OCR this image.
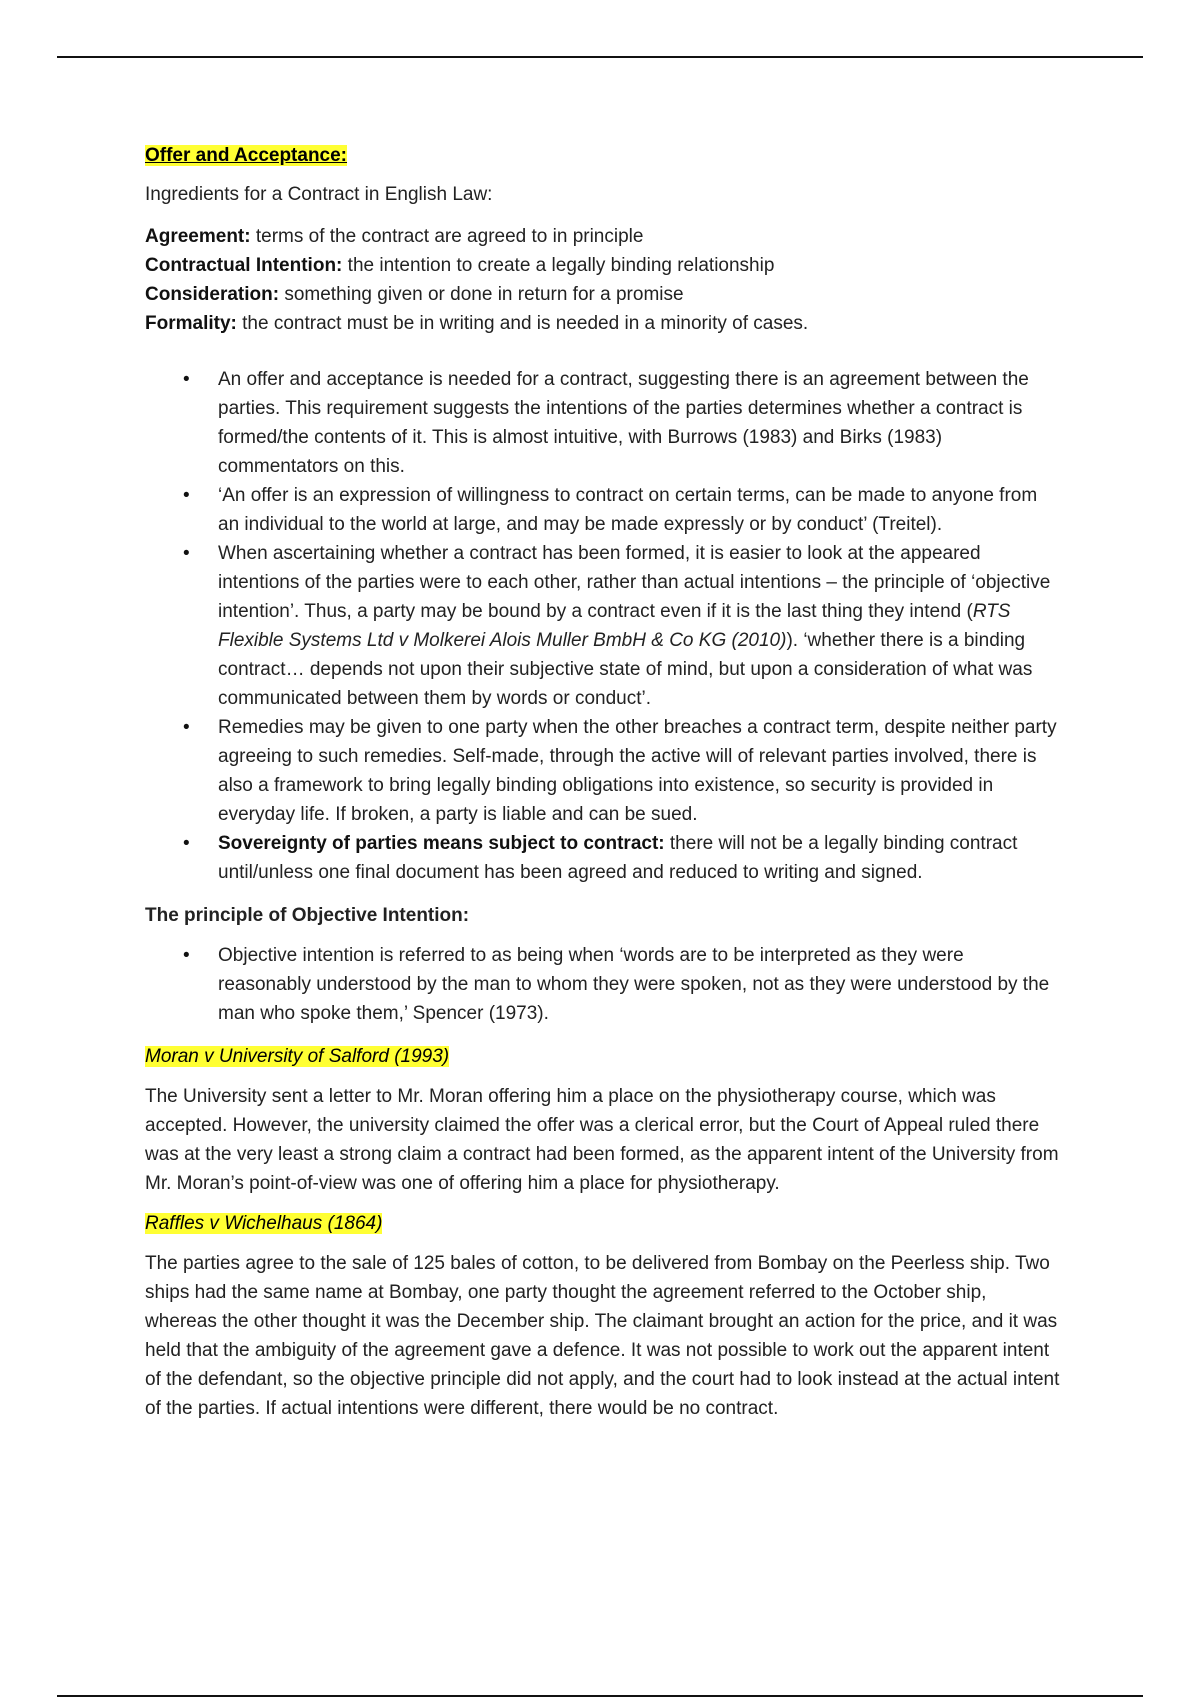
Offer and Acceptance:

Ingredients for a Contract in English Law:

Agreement: terms of the contract are agreed to in principle

Contractual Intention: the intention to create a legally binding relationship

Consideration: something given or done in return for a promise

Formality: the contract must be in writing and is needed in a minority of cases.

• An offer and acceptance is needed for a contract, suggesting there is an agreement between the parties. This requirement suggests the intentions of the parties determines whether a contract is formed/the contents of it. This is almost intuitive, with Burrows (1983) and Birks (1983) commentators on this.
• ‘An offer is an expression of willingness to contract on certain terms, can be made to anyone from an individual to the world at large, and may be made expressly or by conduct’ (Treitel).
• When ascertaining whether a contract has been formed, it is easier to look at the appeared intentions of the parties were to each other, rather than actual intentions – the principle of ‘objective intention’. Thus, a party may be bound by a contract even if it is the last thing they intend (RTS Flexible Systems Ltd v Molkerei Alois Muller BmbH & Co KG (2010)). ‘whether there is a binding contract… depends not upon their subjective state of mind, but upon a consideration of what was communicated between them by words or conduct’.
• Remedies may be given to one party when the other breaches a contract term, despite neither party agreeing to such remedies. Self-made, through the active will of relevant parties involved, there is also a framework to bring legally binding obligations into existence, so security is provided in everyday life. If broken, a party is liable and can be sued.
• Sovereignty of parties means subject to contract: there will not be a legally binding contract until/unless one final document has been agreed and reduced to writing and signed.

The principle of Objective Intention:

• Objective intention is referred to as being when ‘words are to be interpreted as they were reasonably understood by the man to whom they were spoken, not as they were understood by the man who spoke them,’ Spencer (1973).

Moran v University of Salford (1993)

The University sent a letter to Mr. Moran offering him a place on the physiotherapy course, which was accepted. However, the university claimed the offer was a clerical error, but the Court of Appeal ruled there was at the very least a strong claim a contract had been formed, as the apparent intent of the University from Mr. Moran’s point-of-view was one of offering him a place for physiotherapy.

Raffles v Wichelhaus (1864)

The parties agree to the sale of 125 bales of cotton, to be delivered from Bombay on the Peerless ship. Two ships had the same name at Bombay, one party thought the agreement referred to the October ship, whereas the other thought it was the December ship. The claimant brought an action for the price, and it was held that the ambiguity of the agreement gave a defence. It was not possible to work out the apparent intent of the defendant, so the objective principle did not apply, and the court had to look instead at the actual intent of the parties. If actual intentions were different, there would be no contract.
